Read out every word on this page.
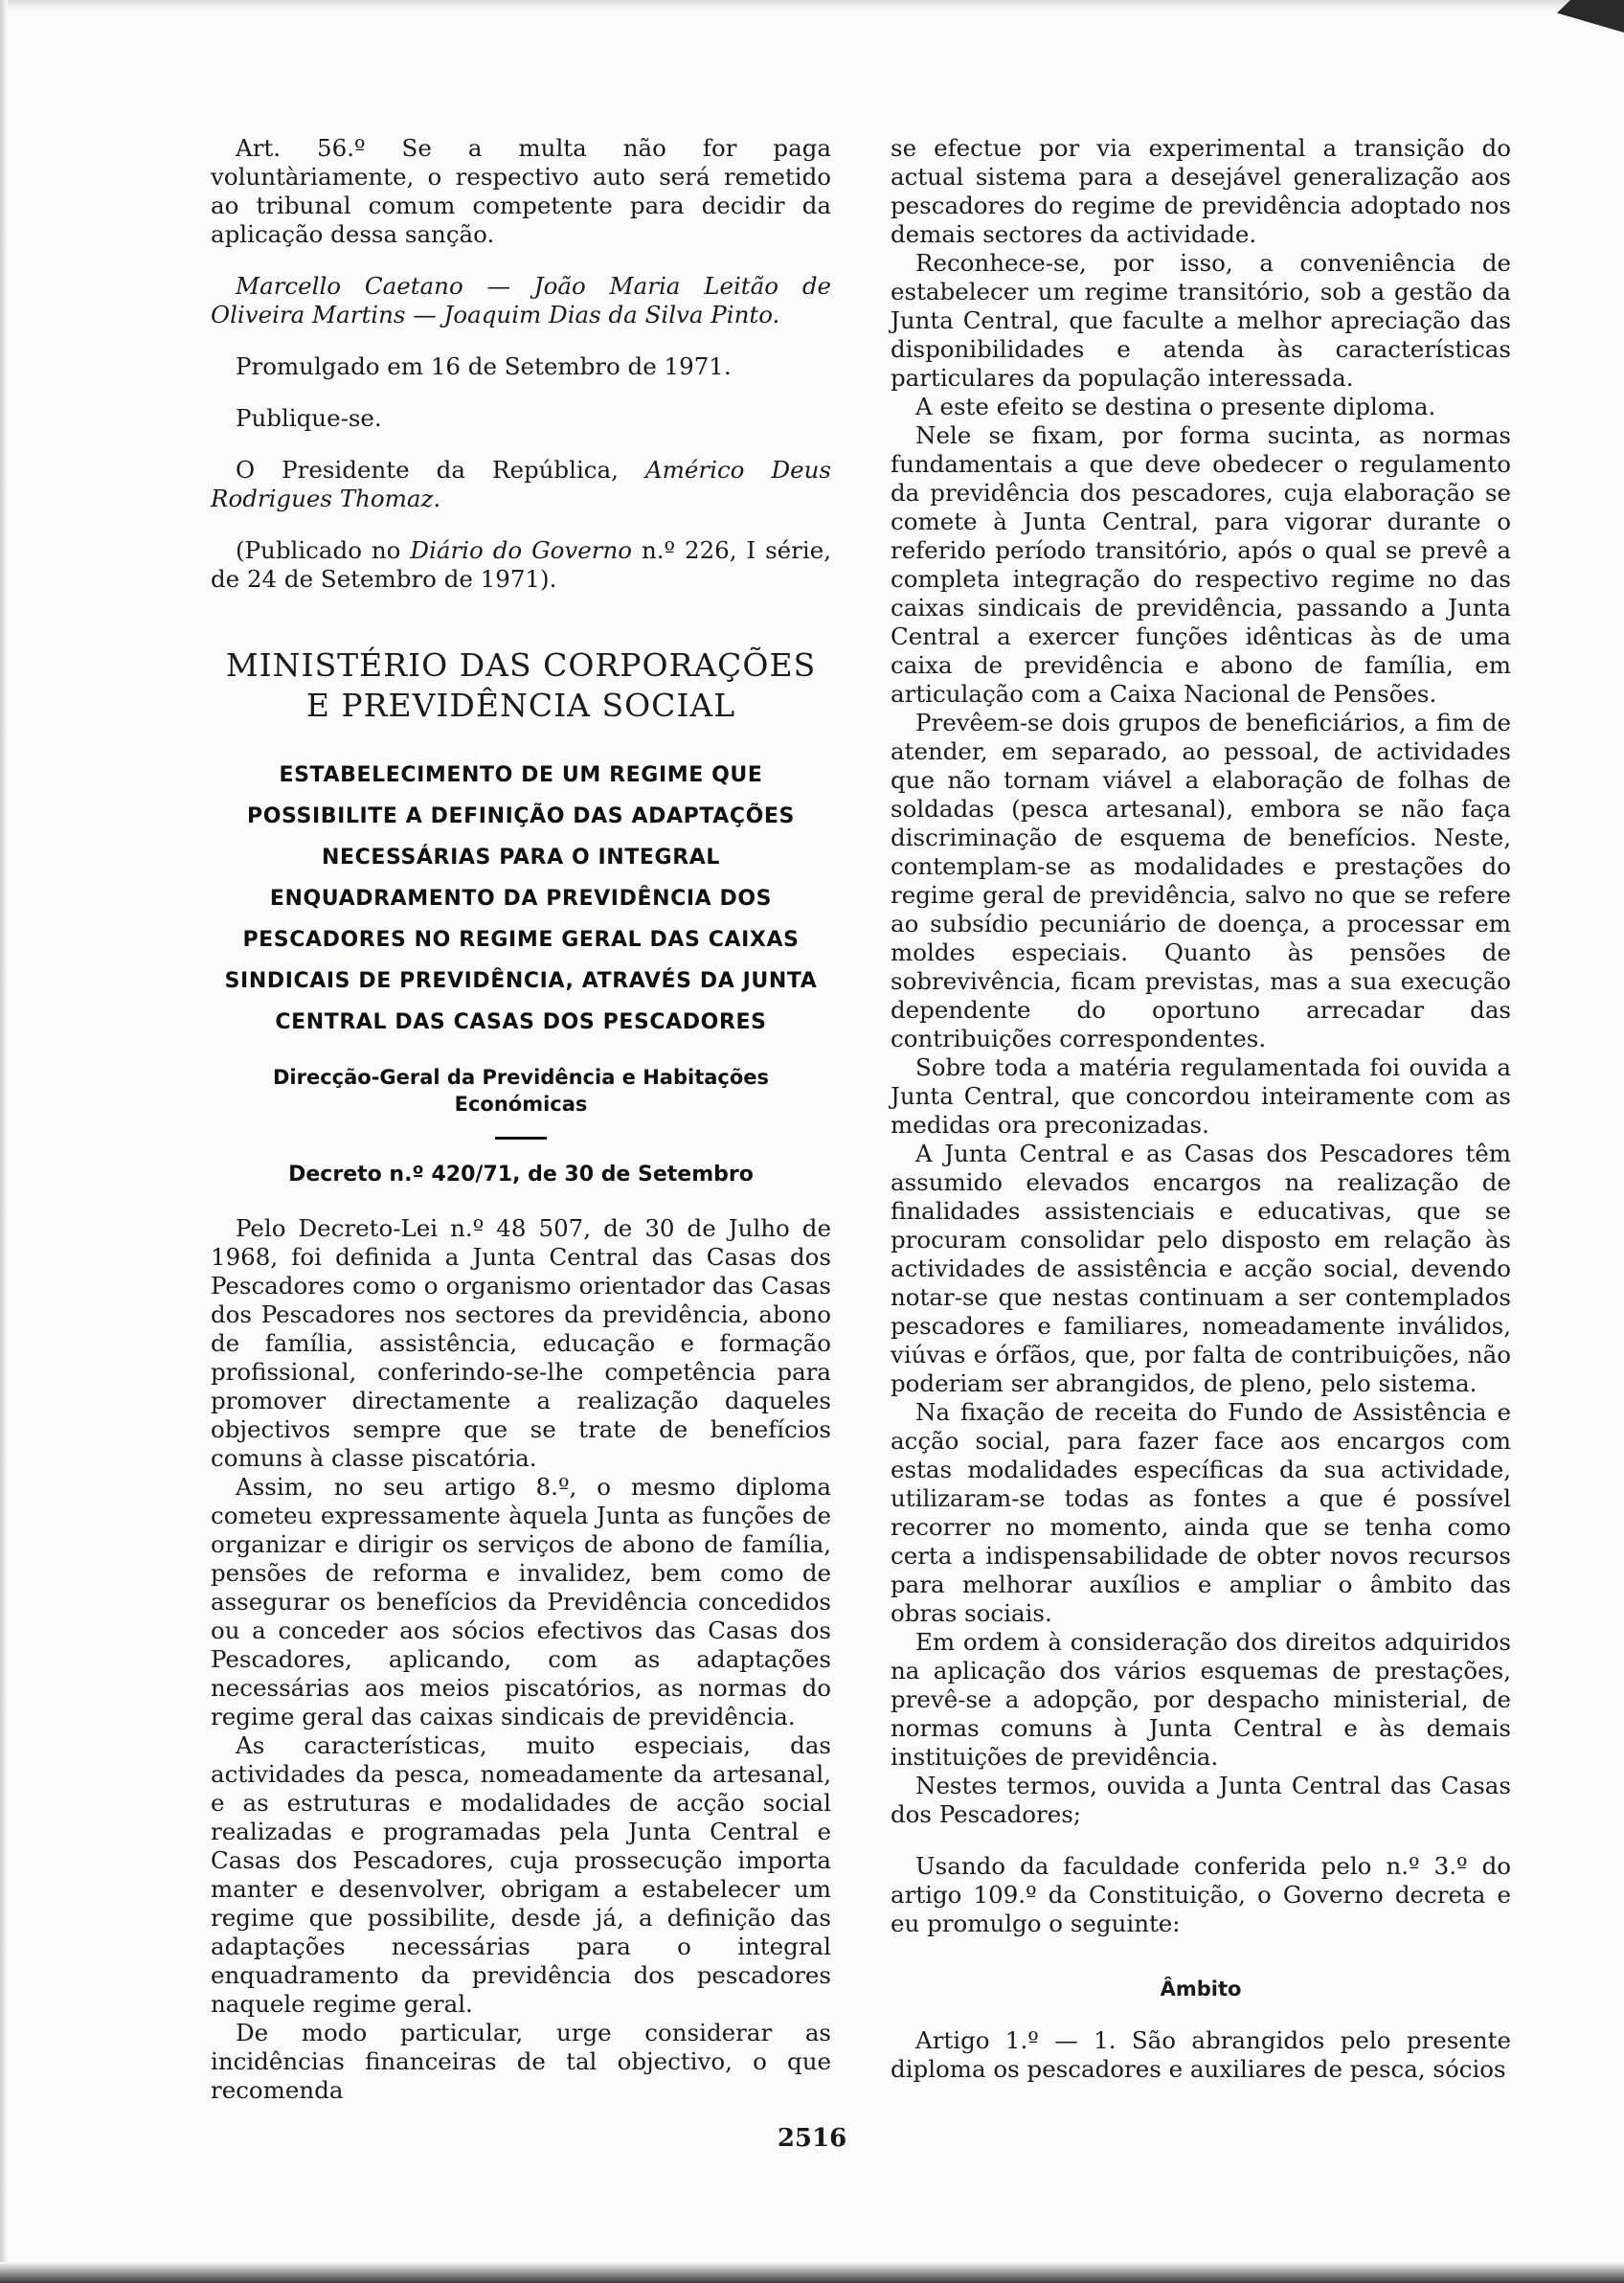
Art. 56.º Se a multa não for paga voluntàriamente, o respectivo auto será remetido ao tribunal comum competente para decidir da aplicação dessa sanção.

Marcello Caetano — João Maria Leitão de Oliveira Martins — Joaquim Dias da Silva Pinto.

Promulgado em 16 de Setembro de 1971.

Publique-se.

O Presidente da República, Américo Deus Rodrigues Thomaz.

(Publicado no Diário do Governo n.º 226, I série, de 24 de Setembro de 1971).

MINISTÉRIO DAS CORPORAÇÕES
E PREVIDÊNCIA SOCIAL
ESTABELECIMENTO DE UM REGIME QUE POSSIBILITE A DEFINIÇÃO DAS ADAPTAÇÕES NECESSÁRIAS PARA O INTEGRAL ENQUADRAMENTO DA PREVIDÊNCIA DOS PESCADORES NO REGIME GERAL DAS CAIXAS SINDICAIS DE PREVIDÊNCIA, ATRAVÉS DA JUNTA CENTRAL DAS CASAS DOS PESCADORES
Direcção-Geral da Previdência e Habitações Económicas
Decreto n.º 420/71, de 30 de Setembro

Pelo Decreto-Lei n.º 48 507, de 30 de Julho de 1968, foi definida a Junta Central das Casas dos Pescadores como o organismo orientador das Casas dos Pescadores nos sectores da previdência, abono de família, assistência, educação e formação profissional, conferindo-se-lhe competência para promover directamente a realização daqueles objectivos sempre que se trate de benefícios comuns à classe piscatória.

Assim, no seu artigo 8.º, o mesmo diploma cometeu expressamente àquela Junta as funções de organizar e dirigir os serviços de abono de família, pensões de reforma e invalidez, bem como de assegurar os benefícios da Previdência concedidos ou a conceder aos sócios efectivos das Casas dos Pescadores, aplicando, com as adaptações necessárias aos meios piscatórios, as normas do regime geral das caixas sindicais de previdência.

As características, muito especiais, das actividades da pesca, nomeadamente da artesanal, e as estruturas e modalidades de acção social realizadas e programadas pela Junta Central e Casas dos Pescadores, cuja prossecução importa manter e desenvolver, obrigam a estabelecer um regime que possibilite, desde já, a definição das adaptações necessárias para o integral enquadramento da previdência dos pescadores naquele regime geral.

De modo particular, urge considerar as incidências financeiras de tal objectivo, o que recomenda

se efectue por via experimental a transição do actual sistema para a desejável generalização aos pescadores do regime de previdência adoptado nos demais sectores da actividade.

Reconhece-se, por isso, a conveniência de estabelecer um regime transitório, sob a gestão da Junta Central, que faculte a melhor apreciação das disponibilidades e atenda às características particulares da população interessada.

A este efeito se destina o presente diploma.

Nele se fixam, por forma sucinta, as normas fundamentais a que deve obedecer o regulamento da previdência dos pescadores, cuja elaboração se comete à Junta Central, para vigorar durante o referido período transitório, após o qual se prevê a completa integração do respectivo regime no das caixas sindicais de previdência, passando a Junta Central a exercer funções idênticas às de uma caixa de previdência e abono de família, em articulação com a Caixa Nacional de Pensões.

Prevêem-se dois grupos de beneficiários, a fim de atender, em separado, ao pessoal, de actividades que não tornam viável a elaboração de folhas de soldadas (pesca artesanal), embora se não faça discriminação de esquema de benefícios. Neste, contemplam-se as modalidades e prestações do regime geral de previdência, salvo no que se refere ao subsídio pecuniário de doença, a processar em moldes especiais. Quanto às pensões de sobrevivência, ficam previstas, mas a sua execução dependente do oportuno arrecadar das contribuições correspondentes.

Sobre toda a matéria regulamentada foi ouvida a Junta Central, que concordou inteiramente com as medidas ora preconizadas.

A Junta Central e as Casas dos Pescadores têm assumido elevados encargos na realização de finalidades assistenciais e educativas, que se procuram consolidar pelo disposto em relação às actividades de assistência e acção social, devendo notar-se que nestas continuam a ser contemplados pescadores e familiares, nomeadamente inválidos, viúvas e órfãos, que, por falta de contribuições, não poderiam ser abrangidos, de pleno, pelo sistema.

Na fixação de receita do Fundo de Assistência e acção social, para fazer face aos encargos com estas modalidades específicas da sua actividade, utilizaram-se todas as fontes a que é possível recorrer no momento, ainda que se tenha como certa a indispensabilidade de obter novos recursos para melhorar auxílios e ampliar o âmbito das obras sociais.

Em ordem à consideração dos direitos adquiridos na aplicação dos vários esquemas de prestações, prevê-se a adopção, por despacho ministerial, de normas comuns à Junta Central e às demais instituições de previdência.

Nestes termos, ouvida a Junta Central das Casas dos Pescadores;

Usando da faculdade conferida pelo n.º 3.º do artigo 109.º da Constituição, o Governo decreta e eu promulgo o seguinte:

Âmbito

Artigo 1.º — 1. São abrangidos pelo presente diploma os pescadores e auxiliares de pesca, sócios

2516
